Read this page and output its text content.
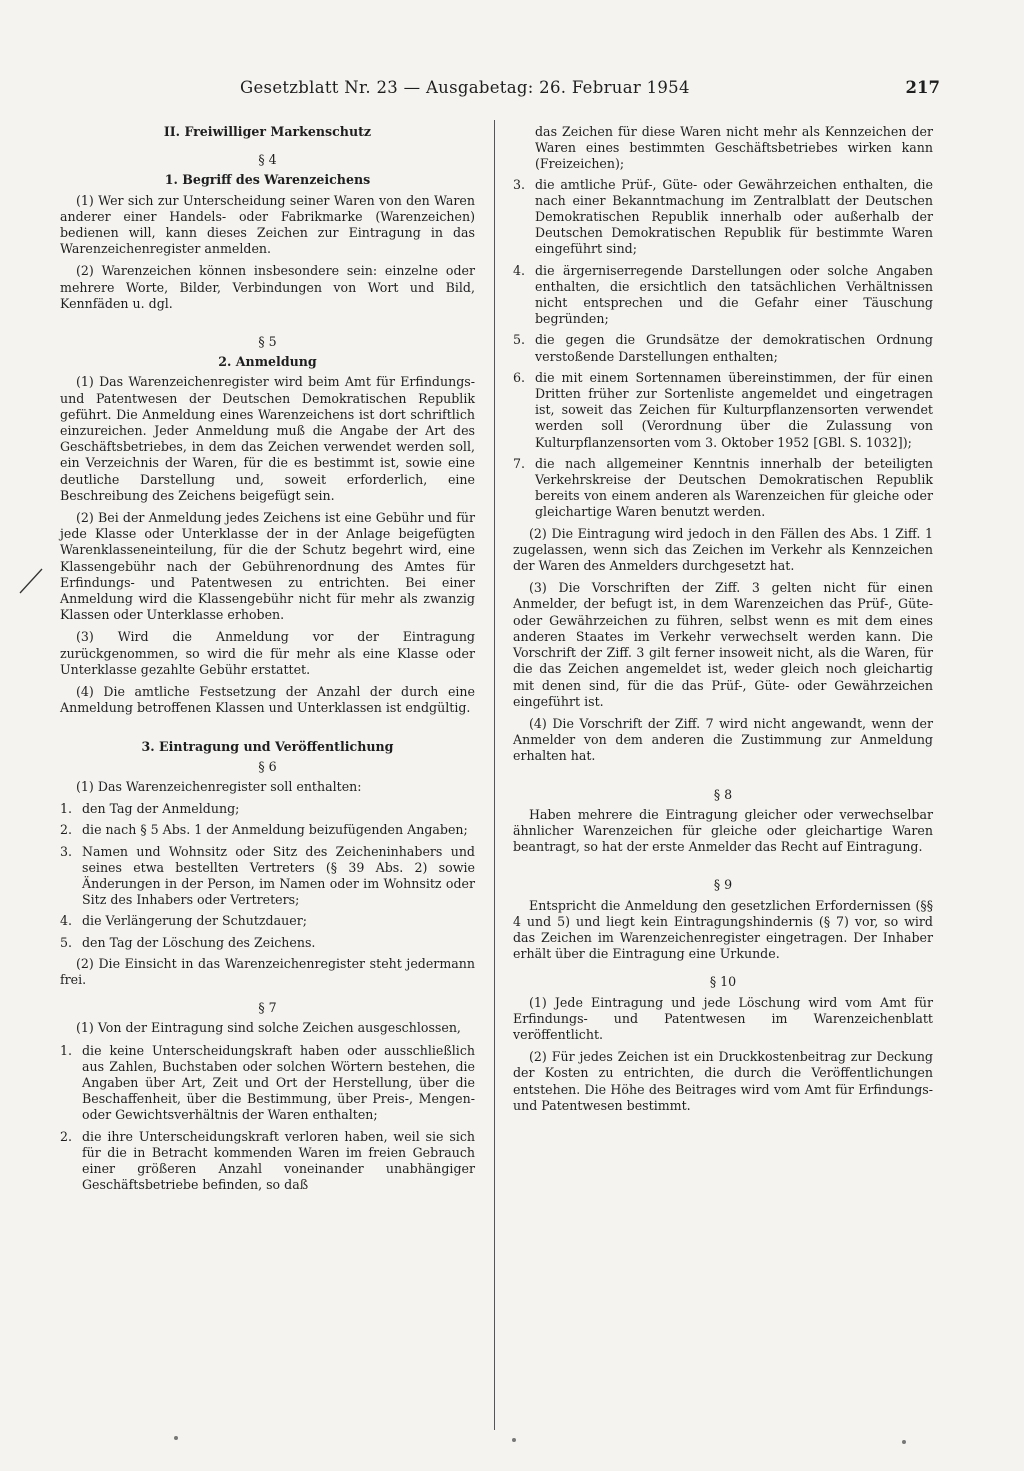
Gesetzblatt Nr. 23 — Ausgabetag: 26. Februar 1954	217
II. Freiwilliger Markenschutz
§ 4
1. Begriff des Warenzeichens

(1) Wer sich zur Unterscheidung seiner Waren von den Waren anderer einer Handels- oder Fabrikmarke (Warenzeichen) bedienen will, kann dieses Zeichen zur Eintragung in das Warenzeichenregister anmelden.

(2) Warenzeichen können insbesondere sein: einzelne oder mehrere Worte, Bilder, Verbindungen von Wort und Bild, Kennfäden u. dgl.

§ 5
2. Anmeldung

(1) Das Warenzeichenregister wird beim Amt für Erfindungs- und Patentwesen der Deutschen Demokratischen Republik geführt. Die Anmeldung eines Warenzeichens ist dort schriftlich einzureichen. Jeder Anmeldung muß die Angabe der Art des Geschäftsbetriebes, in dem das Zeichen verwendet werden soll, ein Verzeichnis der Waren, für die es bestimmt ist, sowie eine deutliche Darstellung und, soweit erforderlich, eine Beschreibung des Zeichens beigefügt sein.

(2) Bei der Anmeldung jedes Zeichens ist eine Gebühr und für jede Klasse oder Unterklasse der in der Anlage beigefügten Warenklasseneinteilung, für die der Schutz begehrt wird, eine Klassengebühr nach der Gebührenordnung des Amtes für Erfindungs- und Patentwesen zu entrichten. Bei einer Anmeldung wird die Klassengebühr nicht für mehr als zwanzig Klassen oder Unterklasse erhoben.

(3) Wird die Anmeldung vor der Eintragung zurückgenommen, so wird die für mehr als eine Klasse oder Unterklasse gezahlte Gebühr erstattet.

(4) Die amtliche Festsetzung der Anzahl der durch eine Anmeldung betroffenen Klassen und Unterklassen ist endgültig.

3. Eintragung und Veröffentlichung
§ 6

(1) Das Warenzeichenregister soll enthalten:

1. den Tag der Anmeldung;
2. die nach § 5 Abs. 1 der Anmeldung beizufügenden Angaben;
3. Namen und Wohnsitz oder Sitz des Zeicheninhabers und seines etwa bestellten Vertreters (§ 39 Abs. 2) sowie Änderungen in der Person, im Namen oder im Wohnsitz oder Sitz des Inhabers oder Vertreters;
4. die Verlängerung der Schutzdauer;
5. den Tag der Löschung des Zeichens.

(2) Die Einsicht in das Warenzeichenregister steht jedermann frei.

§ 7

(1) Von der Eintragung sind solche Zeichen ausgeschlossen,

1. die keine Unterscheidungskraft haben oder ausschließlich aus Zahlen, Buchstaben oder solchen Wörtern bestehen, die Angaben über Art, Zeit und Ort der Herstellung, über die Beschaffenheit, über die Bestimmung, über Preis-, Mengen- oder Gewichtsverhältnis der Waren enthalten;
2. die ihre Unterscheidungskraft verloren haben, weil sie sich für die in Betracht kommenden Waren im freien Gebrauch einer größeren Anzahl voneinander unabhängiger Geschäftsbetriebe befinden, so daß

das Zeichen für diese Waren nicht mehr als Kennzeichen der Waren eines bestimmten Geschäftsbetriebes wirken kann (Freizeichen);

3. die amtliche Prüf-, Güte- oder Gewährzeichen enthalten, die nach einer Bekanntmachung im Zentralblatt der Deutschen Demokratischen Republik innerhalb oder außerhalb der Deutschen Demokratischen Republik für bestimmte Waren eingeführt sind;
4. die ärgerniserregende Darstellungen oder solche Angaben enthalten, die ersichtlich den tatsächlichen Verhältnissen nicht entsprechen und die Gefahr einer Täuschung begründen;
5. die gegen die Grundsätze der demokratischen Ordnung verstoßende Darstellungen enthalten;
6. die mit einem Sortennamen übereinstimmen, der für einen Dritten früher zur Sortenliste angemeldet und eingetragen ist, soweit das Zeichen für Kulturpflanzensorten verwendet werden soll (Verordnung über die Zulassung von Kulturpflanzensorten vom 3. Oktober 1952 [GBl. S. 1032]);
7. die nach allgemeiner Kenntnis innerhalb der beteiligten Verkehrskreise der Deutschen Demokratischen Republik bereits von einem anderen als Warenzeichen für gleiche oder gleichartige Waren benutzt werden.

(2) Die Eintragung wird jedoch in den Fällen des Abs. 1 Ziff. 1 zugelassen, wenn sich das Zeichen im Verkehr als Kennzeichen der Waren des Anmelders durchgesetzt hat.

(3) Die Vorschriften der Ziff. 3 gelten nicht für einen Anmelder, der befugt ist, in dem Warenzeichen das Prüf-, Güte- oder Gewährzeichen zu führen, selbst wenn es mit dem eines anderen Staates im Verkehr verwechselt werden kann. Die Vorschrift der Ziff. 3 gilt ferner insoweit nicht, als die Waren, für die das Zeichen angemeldet ist, weder gleich noch gleichartig mit denen sind, für die das Prüf-, Güte- oder Gewährzeichen eingeführt ist.

(4) Die Vorschrift der Ziff. 7 wird nicht angewandt, wenn der Anmelder von dem anderen die Zustimmung zur Anmeldung erhalten hat.

§ 8

Haben mehrere die Eintragung gleicher oder verwechselbar ähnlicher Warenzeichen für gleiche oder gleichartige Waren beantragt, so hat der erste Anmelder das Recht auf Eintragung.

§ 9

Entspricht die Anmeldung den gesetzlichen Erfordernissen (§§ 4 und 5) und liegt kein Eintragungshindernis (§ 7) vor, so wird das Zeichen im Warenzeichenregister eingetragen. Der Inhaber erhält über die Eintragung eine Urkunde.

§ 10

(1) Jede Eintragung und jede Löschung wird vom Amt für Erfindungs- und Patentwesen im Warenzeichenblatt veröffentlicht.

(2) Für jedes Zeichen ist ein Druckkostenbeitrag zur Deckung der Kosten zu entrichten, die durch die Veröffentlichungen entstehen. Die Höhe des Beitrages wird vom Amt für Erfindungs- und Patentwesen bestimmt.
